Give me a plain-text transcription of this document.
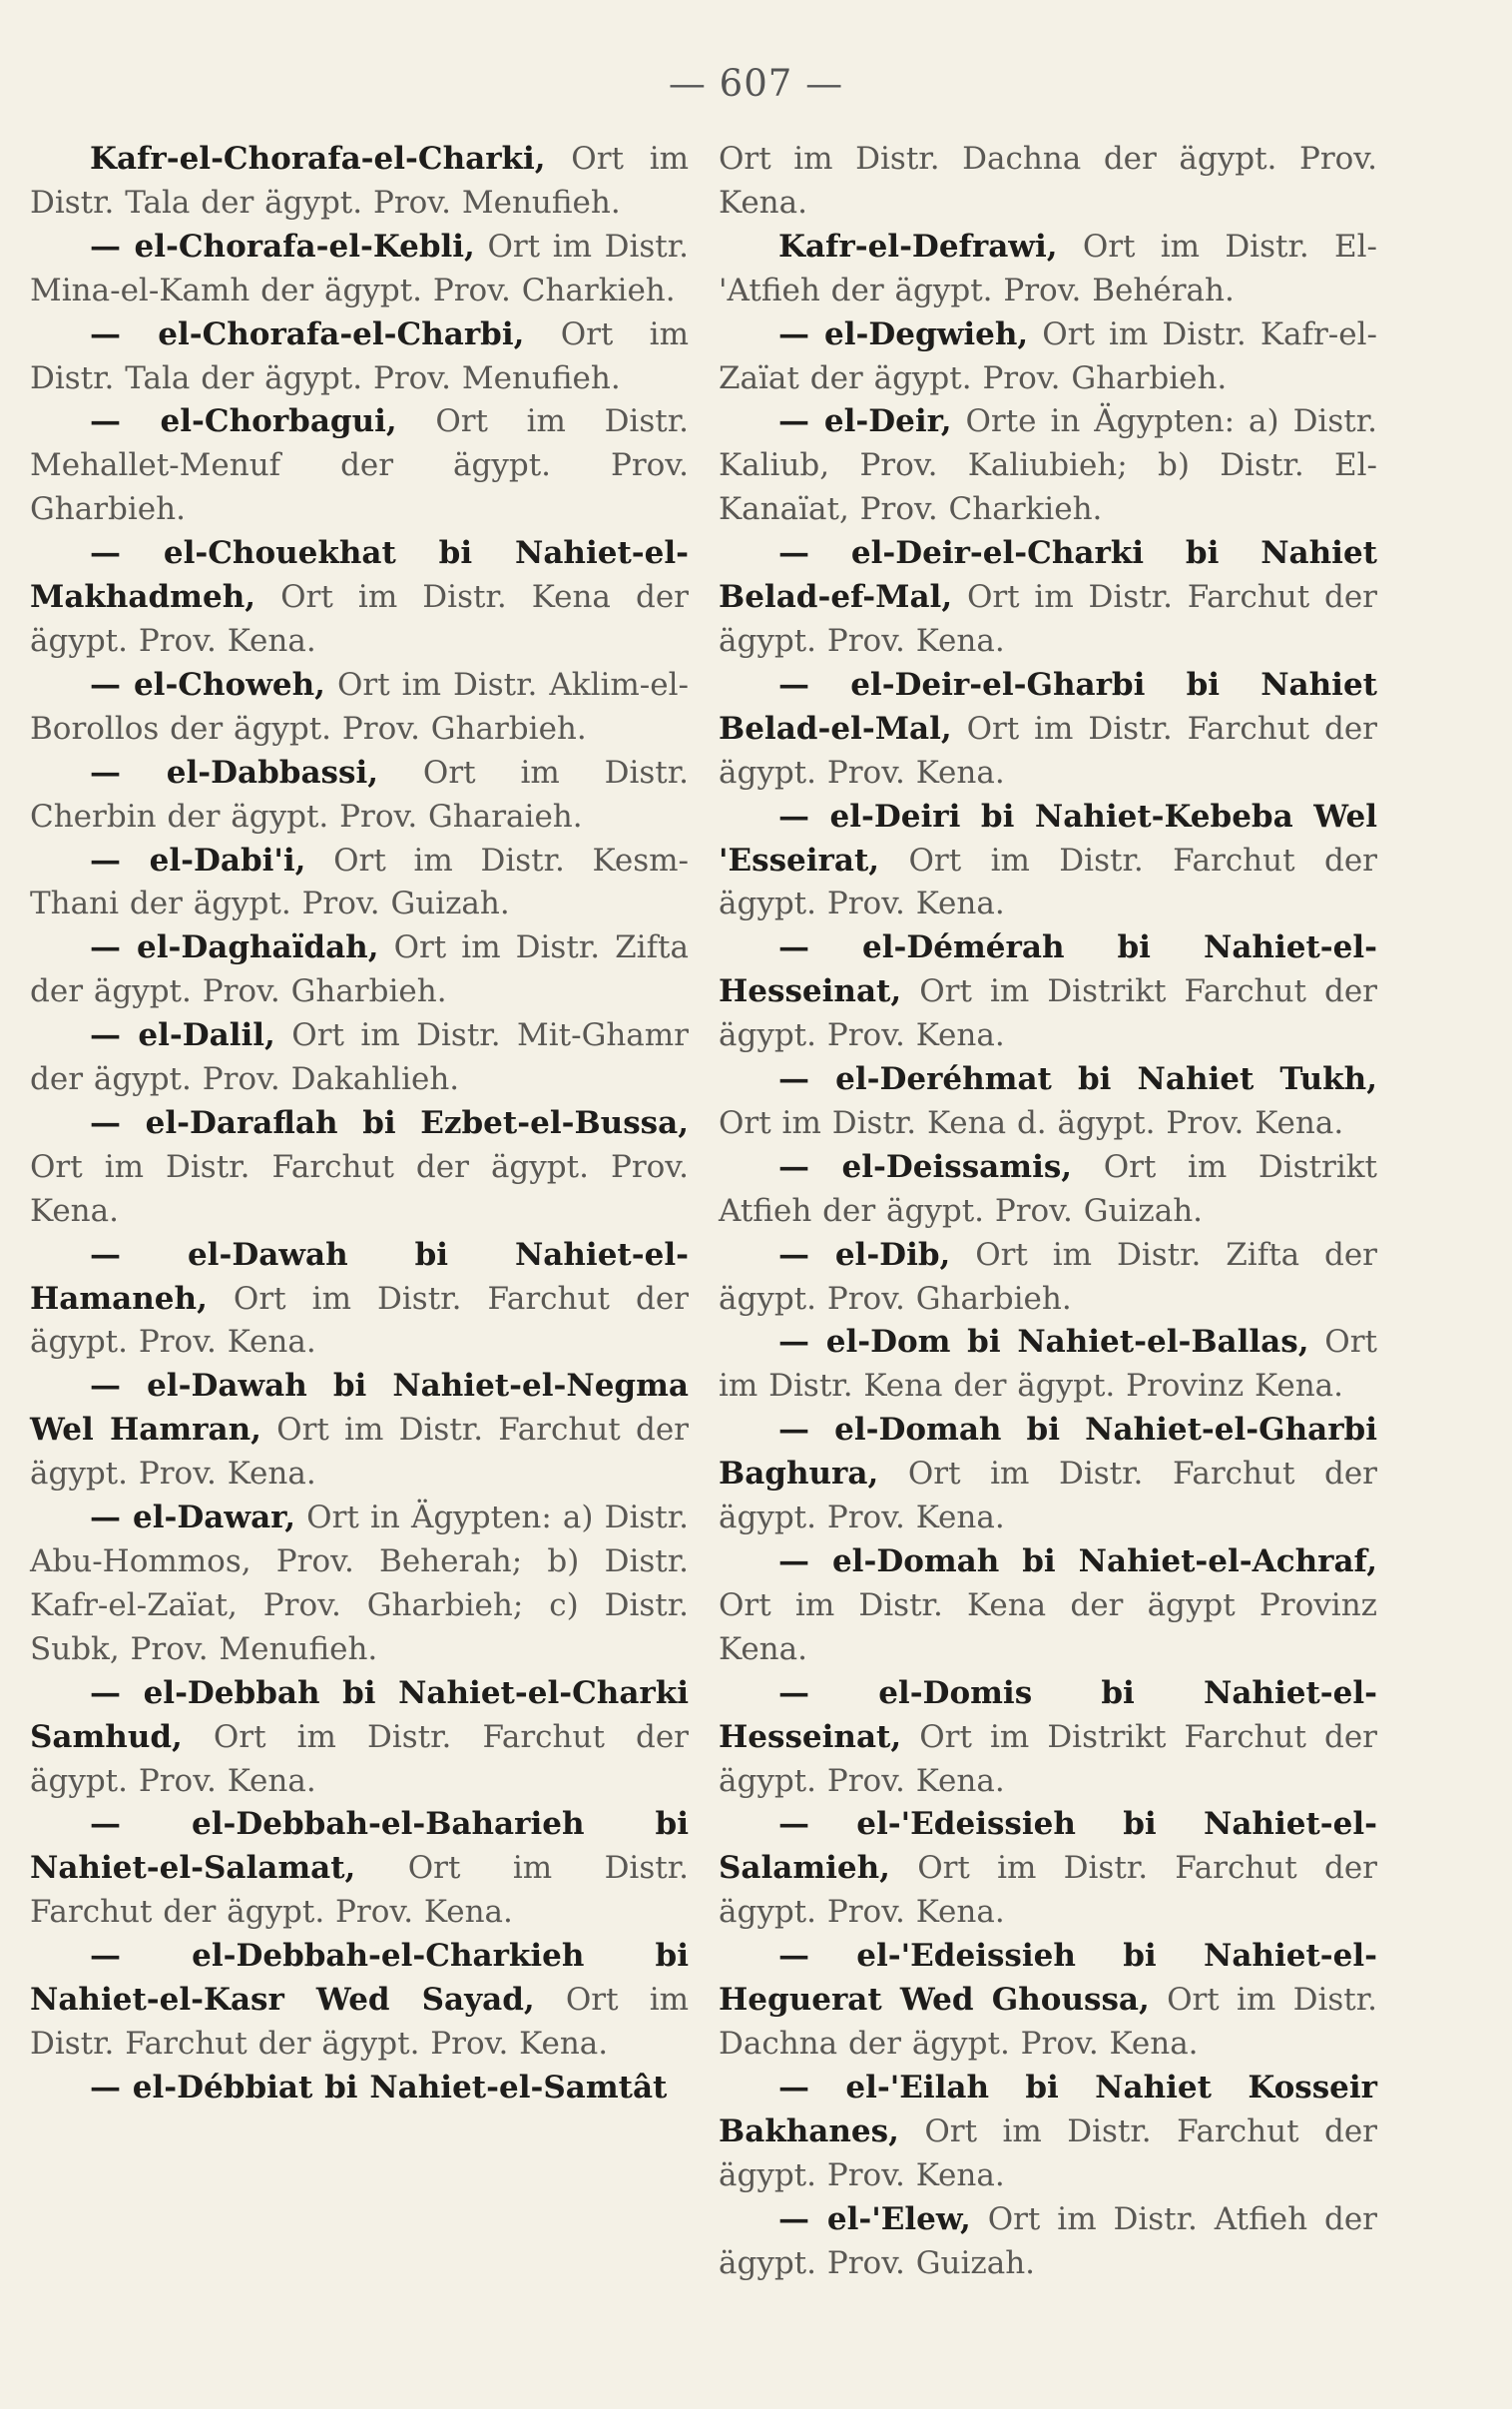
— 607 —

Kafr-el-Chorafa-el-Charki, Ort im Distr. Tala der ägypt. Prov. Menufieh.

— el-Chorafa-el-Kebli, Ort im Distr. Mina-el-Kamh der ägypt. Prov. Charkieh.

— el-Chorafa-el-Charbi, Ort im Distr. Tala der ägypt. Prov. Menufieh.

— el-Chorbagui, Ort im Distr. Mehallet-Menuf der ägypt. Prov. Gharbieh.

— el-Chouekhat bi Nahiet-el-Makhadmeh, Ort im Distr. Kena der ägypt. Prov. Kena.

— el-Choweh, Ort im Distr. Aklim-el-Borollos der ägypt. Prov. Gharbieh.

— el-Dabbassi, Ort im Distr. Cherbin der ägypt. Prov. Gharaieh.

— el-Dabi'i, Ort im Distr. Kesm-Thani der ägypt. Prov. Guizah.

— el-Daghaïdah, Ort im Distr. Zifta der ägypt. Prov. Gharbieh.

— el-Dalil, Ort im Distr. Mit-Ghamr der ägypt. Prov. Dakahlieh.

— el-Daraflah bi Ezbet-el-Bussa, Ort im Distr. Farchut der ägypt. Prov. Kena.

— el-Dawah bi Nahiet-el-Hamaneh, Ort im Distr. Farchut der ägypt. Prov. Kena.

— el-Dawah bi Nahiet-el-Negma Wel Hamran, Ort im Distr. Farchut der ägypt. Prov. Kena.

— el-Dawar, Ort in Ägypten: a) Distr. Abu-Hommos, Prov. Beherah; b) Distr. Kafr-el-Zaïat, Prov. Gharbieh; c) Distr. Subk, Prov. Menufieh.

— el-Debbah bi Nahiet-el-Charki Samhud, Ort im Distr. Farchut der ägypt. Prov. Kena.

— el-Debbah-el-Baharieh bi Nahiet-el-Salamat, Ort im Distr. Farchut der ägypt. Prov. Kena.

— el-Debbah-el-Charkieh bi Nahiet-el-Kasr Wed Sayad, Ort im Distr. Farchut der ägypt. Prov. Kena.

— el-Débbiat bi Nahiet-el-Samtât

Ort im Distr. Dachna der ägypt. Prov. Kena.

Kafr-el-Defrawi, Ort im Distr. El-'Atfieh der ägypt. Prov. Behérah.

— el-Degwieh, Ort im Distr. Kafr-el-Zaïat der ägypt. Prov. Gharbieh.

— el-Deir, Orte in Ägypten: a) Distr. Kaliub, Prov. Kaliubieh; b) Distr. El-Kanaïat, Prov. Charkieh.

— el-Deir-el-Charki bi Nahiet Belad-ef-Mal, Ort im Distr. Farchut der ägypt. Prov. Kena.

— el-Deir-el-Gharbi bi Nahiet Belad-el-Mal, Ort im Distr. Farchut der ägypt. Prov. Kena.

— el-Deiri bi Nahiet-Kebeba Wel 'Esseirat, Ort im Distr. Farchut der ägypt. Prov. Kena.

— el-Démérah bi Nahiet-el-Hesseinat, Ort im Distrikt Farchut der ägypt. Prov. Kena.

— el-Deréhmat bi Nahiet Tukh, Ort im Distr. Kena d. ägypt. Prov. Kena.

— el-Deissamis, Ort im Distrikt Atfieh der ägypt. Prov. Guizah.

— el-Dib, Ort im Distr. Zifta der ägypt. Prov. Gharbieh.

— el-Dom bi Nahiet-el-Ballas, Ort im Distr. Kena der ägypt. Provinz Kena.

— el-Domah bi Nahiet-el-Gharbi Baghura, Ort im Distr. Farchut der ägypt. Prov. Kena.

— el-Domah bi Nahiet-el-Achraf, Ort im Distr. Kena der ägypt Provinz Kena.

— el-Domis bi Nahiet-el-Hesseinat, Ort im Distrikt Farchut der ägypt. Prov. Kena.

— el-'Edeissieh bi Nahiet-el-Salamieh, Ort im Distr. Farchut der ägypt. Prov. Kena.

— el-'Edeissieh bi Nahiet-el-Heguerat Wed Ghoussa, Ort im Distr. Dachna der ägypt. Prov. Kena.

— el-'Eilah bi Nahiet Kosseir Bakhanes, Ort im Distr. Farchut der ägypt. Prov. Kena.

— el-'Elew, Ort im Distr. Atfieh der ägypt. Prov. Guizah.
